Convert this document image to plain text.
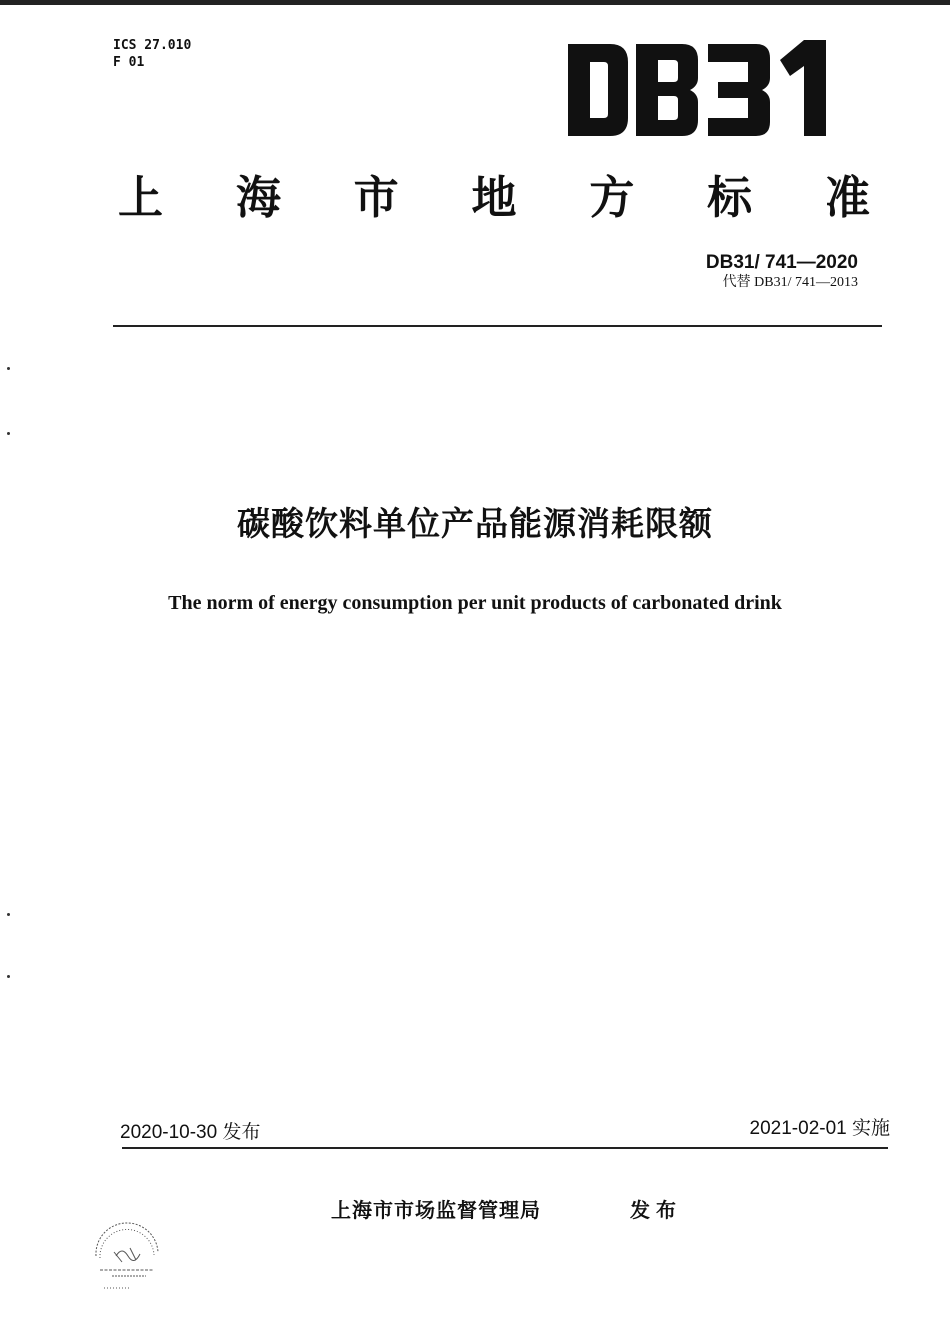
ICS 27.010
F 01
上 海 市 地 方 标 准
DB31/ 741—2020
代替 DB31/ 741—2013
碳酸饮料单位产品能源消耗限额
The norm of energy consumption per unit products of carbonated drink
2020-10-30 发布	2021-02-01 实施
上海市市场监督管理局	发布
